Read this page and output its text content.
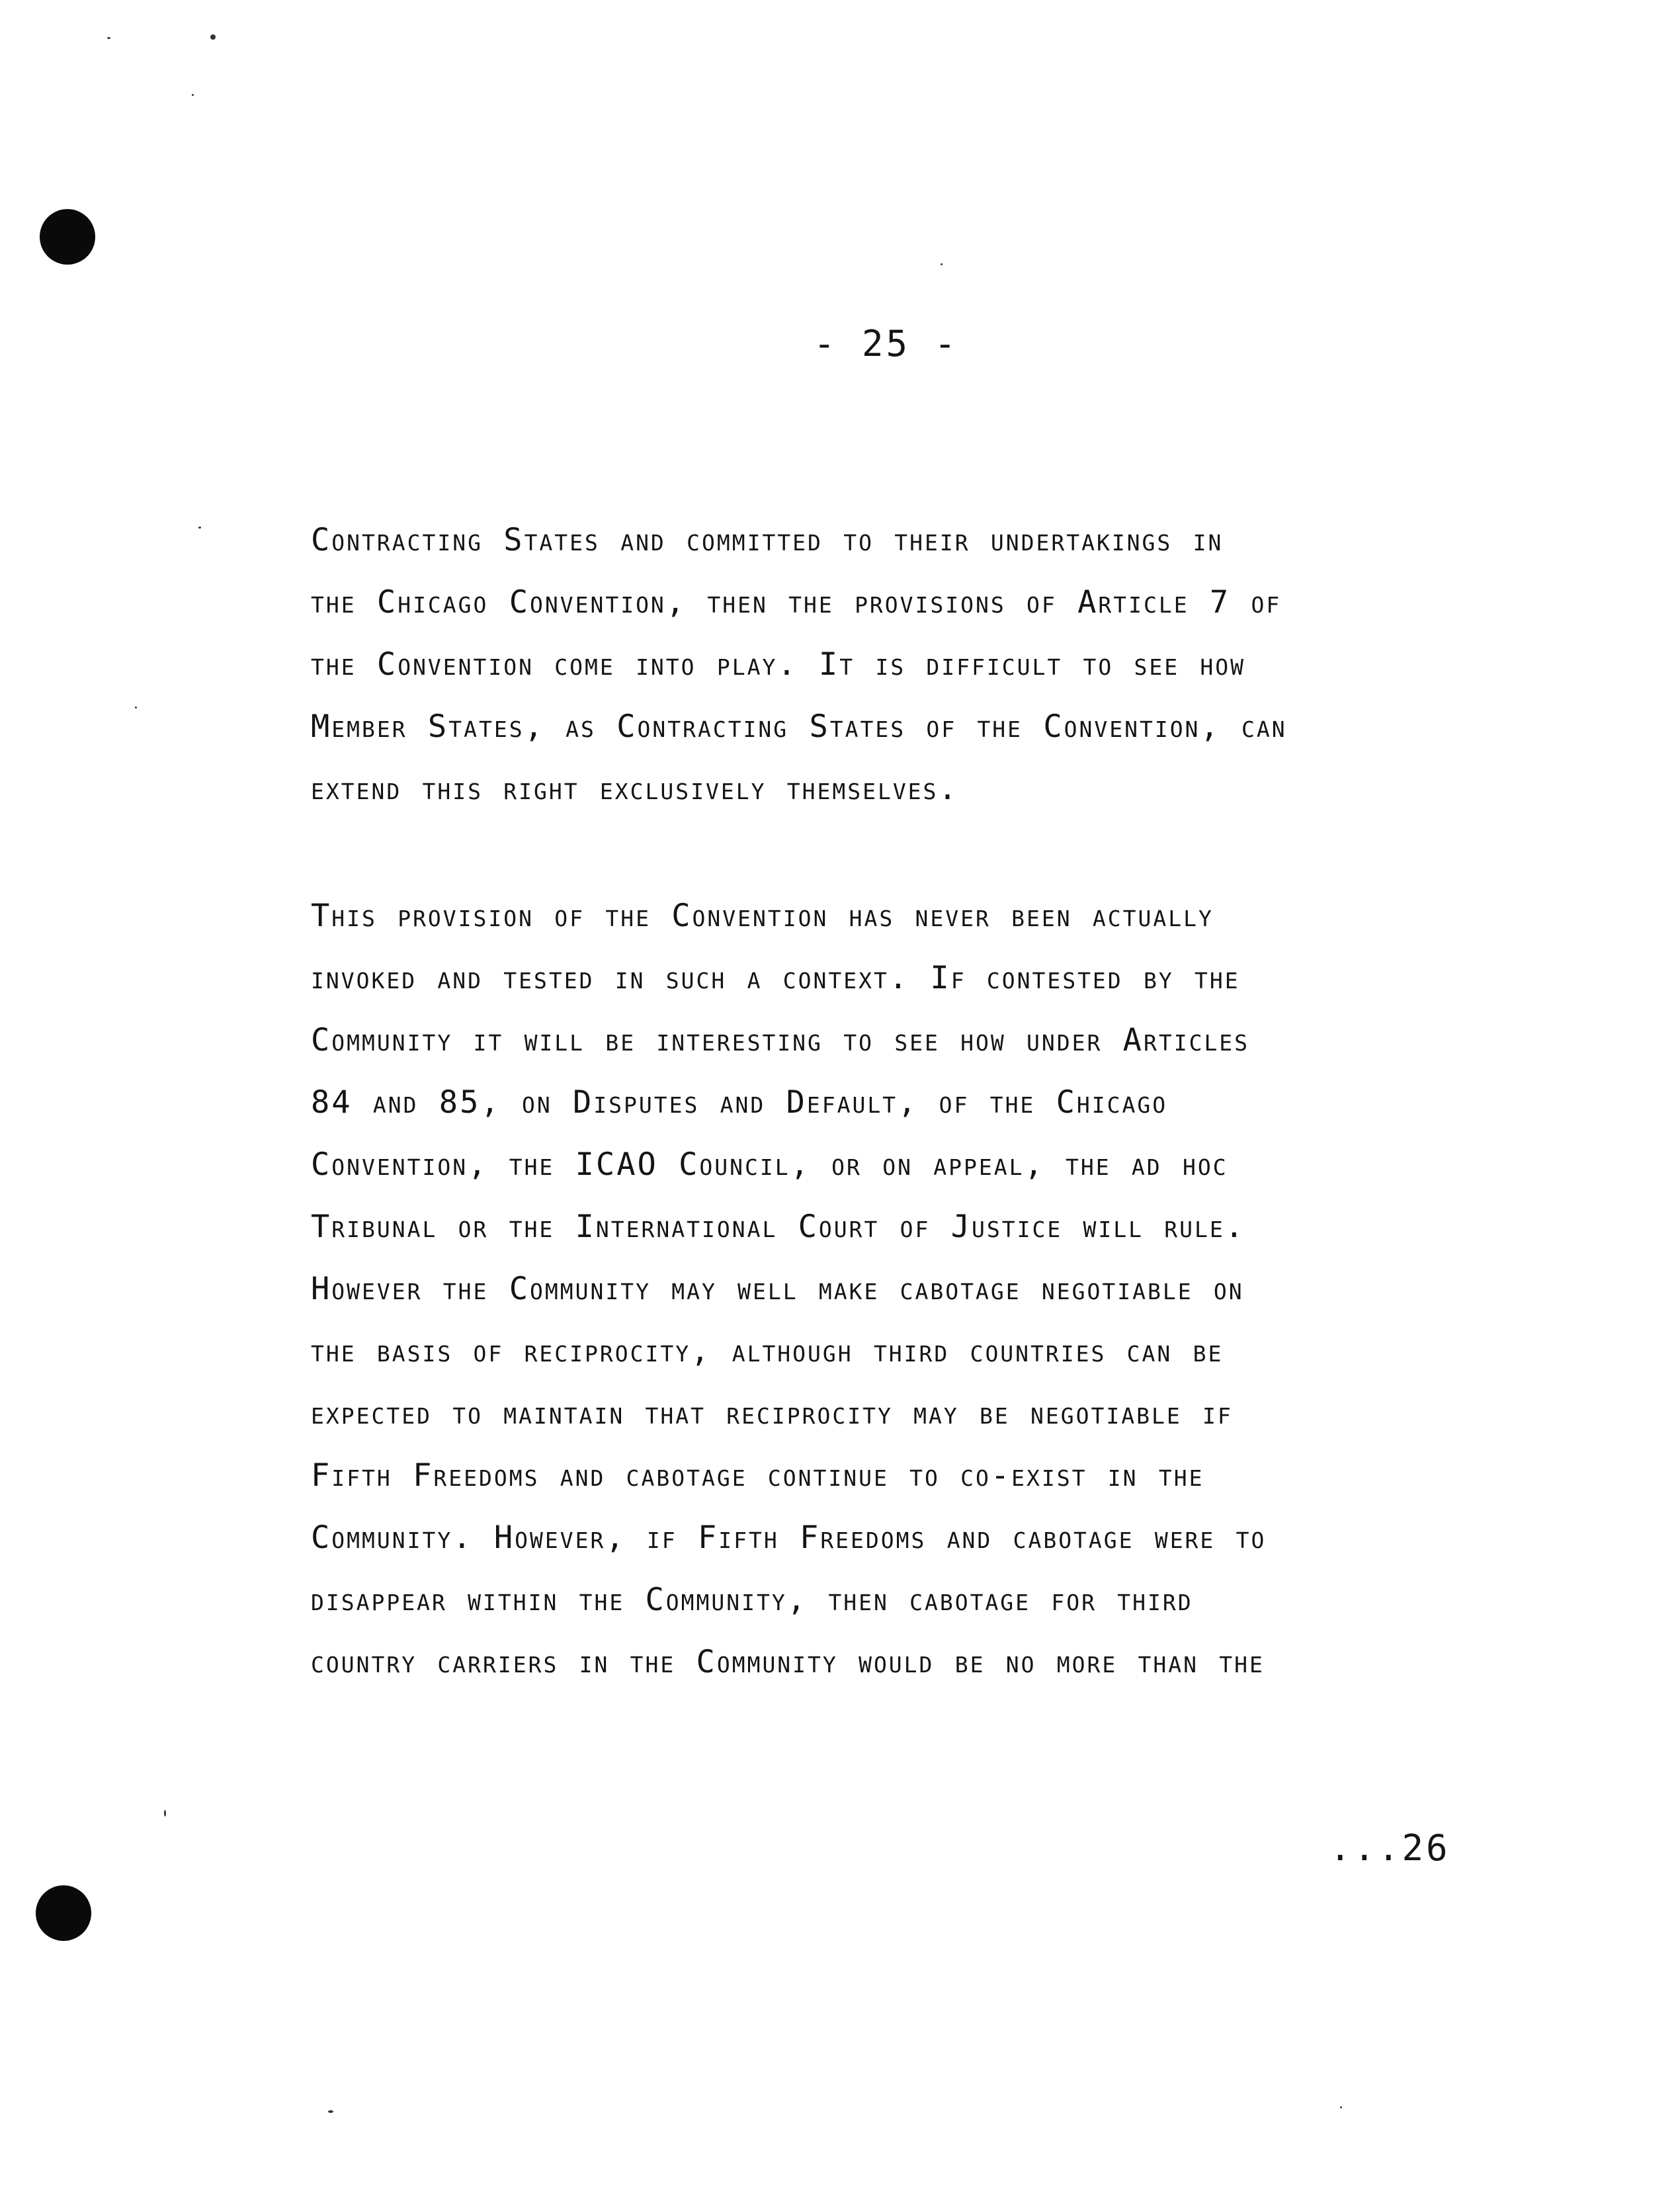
- 25 -

Contracting States and committed to their undertakings in
the Chicago Convention, then the provisions of Article 7 of
the Convention come into play. It is difficult to see how
Member States, as Contracting States of the Convention, can
extend this right exclusively themselves.

This provision of the Convention has never been actually
invoked and tested in such a context. If contested by the
Community it will be interesting to see how under Articles
84 and 85, on Disputes and Default, of the Chicago
Convention, the ICAO Council, or on appeal, the ad hoc
Tribunal or the International Court of Justice will rule.
However the Community may well make cabotage negotiable on
the basis of reciprocity, although third countries can be
expected to maintain that reciprocity may be negotiable if
Fifth Freedoms and cabotage continue to co-exist in the
Community. However, if Fifth Freedoms and cabotage were to
disappear within the Community, then cabotage for third
country carriers in the Community would be no more than the

...26
